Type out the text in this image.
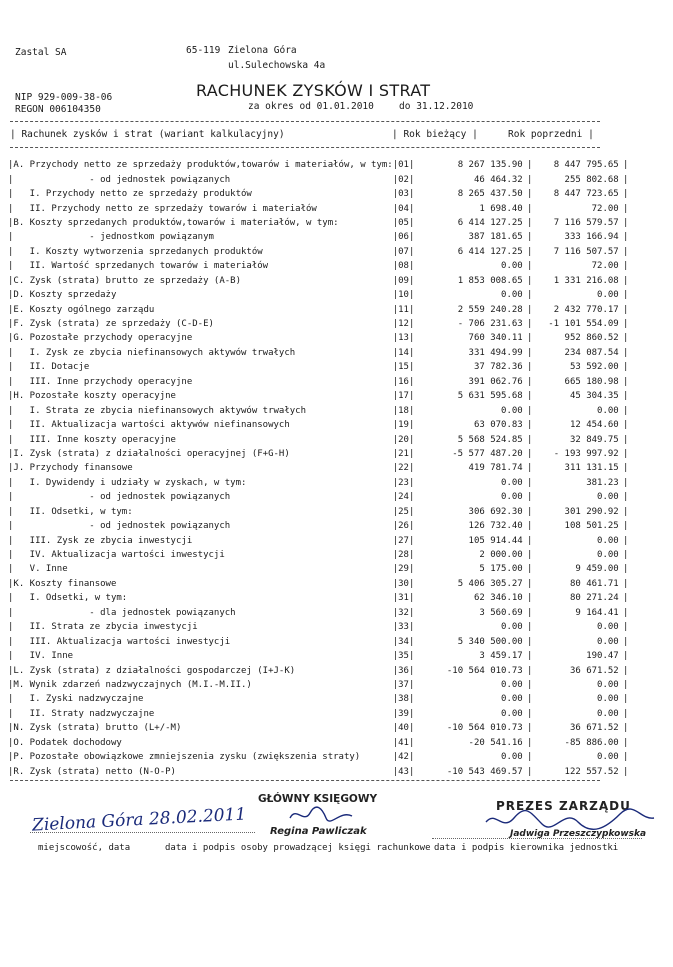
Zastal SA	65-119 Zielona Góra
ul.Sulechowska 4a
NIP 929-009-38-06
REGON 006104350
RACHUNEK ZYSKÓW I STRAT
za okres od 01.01.2010	do 31.12.2010
| Rachunek zysków i strat (wariant kalkulacyjny)	| Rok bieżący |	Rok poprzedni |
|	A. Przychody netto ze sprzedaży produktów,towarów i materiałów, w tym:	|01|	8 267 135.90	|	8 447 795.65	|
|	- od jednostek powiązanych	|02|	46 464.32	|	255 802.68	|
|	I. Przychody netto ze sprzedaży produktów	|03|	8 265 437.50	|	8 447 723.65	|
|	II. Przychody netto ze sprzedaży towarów i materiałów	|04|	1 698.40	|	72.00	|
|	B. Koszty sprzedanych produktów,towarów i materiałów, w tym:	|05|	6 414 127.25	|	7 116 579.57	|
|	- jednostkom powiązanym	|06|	387 181.65	|	333 166.94	|
|	I. Koszty wytworzenia sprzedanych produktów	|07|	6 414 127.25	|	7 116 507.57	|
|	II. Wartość sprzedanych towarów i materiałów	|08|	0.00	|	72.00	|
|	C. Zysk (strata) brutto ze sprzedaży (A-B)	|09|	1 853 008.65	|	1 331 216.08	|
|	D. Koszty sprzedaży	|10|	0.00	|	0.00	|
|	E. Koszty ogólnego zarządu	|11|	2 559 240.28	|	2 432 770.17	|
|	F. Zysk (strata) ze sprzedaży (C-D-E)	|12|	- 706 231.63	|	-1 101 554.09	|
|	G. Pozostałe przychody operacyjne	|13|	760 340.11	|	952 860.52	|
|	I. Zysk ze zbycia niefinansowych aktywów trwałych	|14|	331 494.99	|	234 087.54	|
|	II. Dotacje	|15|	37 782.36	|	53 592.00	|
|	III. Inne przychody operacyjne	|16|	391 062.76	|	665 180.98	|
|	H. Pozostałe koszty operacyjne	|17|	5 631 595.68	|	45 304.35	|
|	I. Strata ze zbycia niefinansowych aktywów trwałych	|18|	0.00	|	0.00	|
|	II. Aktualizacja wartości aktywów niefinansowych	|19|	63 070.83	|	12 454.60	|
|	III. Inne koszty operacyjne	|20|	5 568 524.85	|	32 849.75	|
|	I. Zysk (strata) z działalności operacyjnej (F+G-H)	|21|	-5 577 487.20	|	- 193 997.92	|
|	J. Przychody finansowe	|22|	419 781.74	|	311 131.15	|
|	I. Dywidendy i udziały w zyskach, w tym:	|23|	0.00	|	381.23	|
|	- od jednostek powiązanych	|24|	0.00	|	0.00	|
|	II. Odsetki, w tym:	|25|	306 692.30	|	301 290.92	|
|	- od jednostek powiązanych	|26|	126 732.40	|	108 501.25	|
|	III. Zysk ze zbycia inwestycji	|27|	105 914.44	|	0.00	|
|	IV. Aktualizacja wartości inwestycji	|28|	2 000.00	|	0.00	|
|	V. Inne	|29|	5 175.00	|	9 459.00	|
|	K. Koszty finansowe	|30|	5 406 305.27	|	80 461.71	|
|	I. Odsetki, w tym:	|31|	62 346.10	|	80 271.24	|
|	- dla jednostek powiązanych	|32|	3 560.69	|	9 164.41	|
|	II. Strata ze zbycia inwestycji	|33|	0.00	|	0.00	|
|	III. Aktualizacja wartości inwestycji	|34|	5 340 500.00	|	0.00	|
|	IV. Inne	|35|	3 459.17	|	190.47	|
|	L. Zysk (strata) z działalności gospodarczej (I+J-K)	|36|	-10 564 010.73	|	36 671.52	|
|	M. Wynik zdarzeń nadzwyczajnych (M.I.-M.II.)	|37|	0.00	|	0.00	|
|	I. Zyski nadzwyczajne	|38|	0.00	|	0.00	|
|	II. Straty nadzwyczajne	|39|	0.00	|	0.00	|
|	N. Zysk (strata) brutto (L+/-M)	|40|	-10 564 010.73	|	36 671.52	|
|	O. Podatek dochodowy	|41|	-20 541.16	|	-85 886.00	|
|	P. Pozostałe obowiązkowe zmniejszenia zysku (zwiększenia straty)	|42|	0.00	|	0.00	|
|	R. Zysk (strata) netto (N-O-P)	|43|	-10 543 469.57	|	122 557.52	|
Zielona Góra 28.02.2011
miejscowość, data
GŁÓWNY KSIĘGOWY
Regina Pawliczak
data i podpis osoby prowadzącej księgi rachunkowe
PREZES ZARZĄDU
Jadwiga Przeszczypkowska
data i podpis kierownika jednostki
